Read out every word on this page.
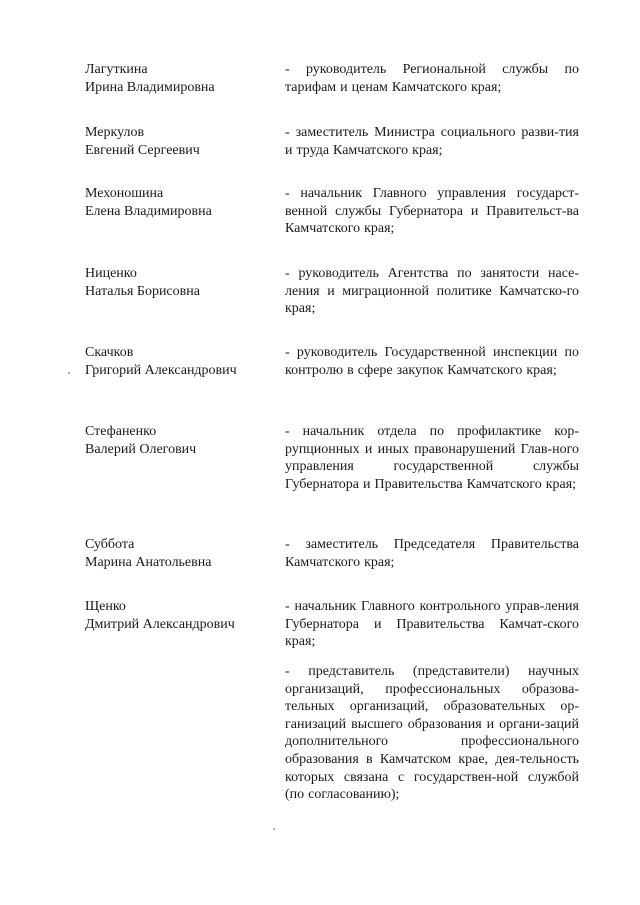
Лагуткина
Ирина Владимировна
- руководитель Региональной службы по тарифам и ценам Камчатского края;
Меркулов
Евгений Сергеевич
- заместитель Министра социального разви-тия и труда Камчатского края;
Мехоношина
Елена Владимировна
- начальник Главного управления государст-венной службы Губернатора и Правительст-ва Камчатского края;
Ниценко
Наталья Борисовна
- руководитель Агентства по занятости насе-ления и миграционной политике Камчатско-го края;
Скачков
Григорий Александрович
- руководитель Государственной инспекции по контролю в сфере закупок Камчатского края;
Стефаненко
Валерий Олегович
- начальник отдела по профилактике кор-рупционных и иных правонарушений Глав-ного управления государственной службы Губернатора и Правительства Камчатского края;
Суббота
Марина Анатольевна
- заместитель Председателя Правительства Камчатского края;
Щенко
Дмитрий Александрович
- начальник Главного контрольного управ-ления Губернатора и Правительства Камчат-ского края;
- представитель (представители) научных организаций, профессиональных образова-тельных организаций, образовательных ор-ганизаций высшего образования и органи-заций дополнительного профессионального образования в Камчатском крае, дея-тельность которых связана с государствен-ной службой (по согласованию);
